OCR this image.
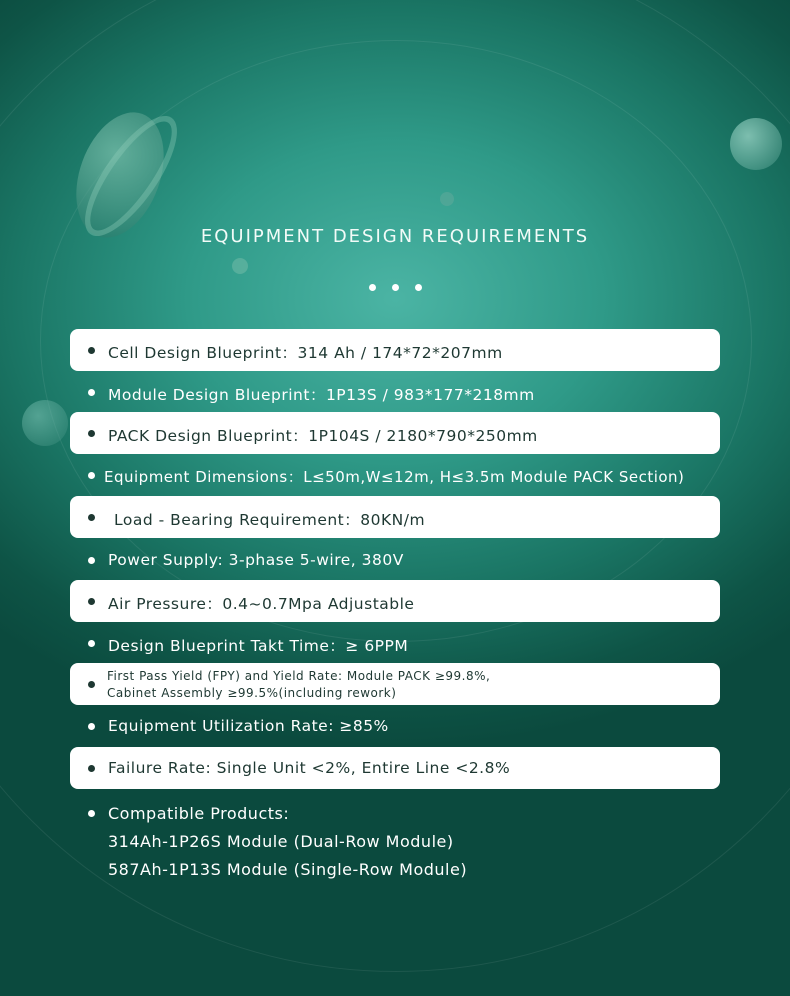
EQUIPMENT DESIGN REQUIREMENTS
Cell Design Blueprint：314 Ah / 174*72*207mm
Module Design Blueprint：1P13S / 983*177*218mm
PACK Design Blueprint：1P104S / 2180*790*250mm
Equipment Dimensions：L≤50m,W≤12m, H≤3.5m Module PACK Section)
Load - Bearing Requirement：80KN/m
Power Supply: 3-phase 5-wire, 380V
Air Pressure：0.4~0.7Mpa Adjustable
Design Blueprint Takt Time：≥ 6PPM
First Pass Yield (FPY) and Yield Rate: Module PACK ≥99.8%,
Cabinet Assembly ≥99.5%(including rework)
Equipment Utilization Rate: ≥85%
Failure Rate: Single Unit <2%, Entire Line <2.8%
Compatible Products:
314Ah-1P26S Module (Dual-Row Module)
587Ah-1P13S Module (Single-Row Module)
